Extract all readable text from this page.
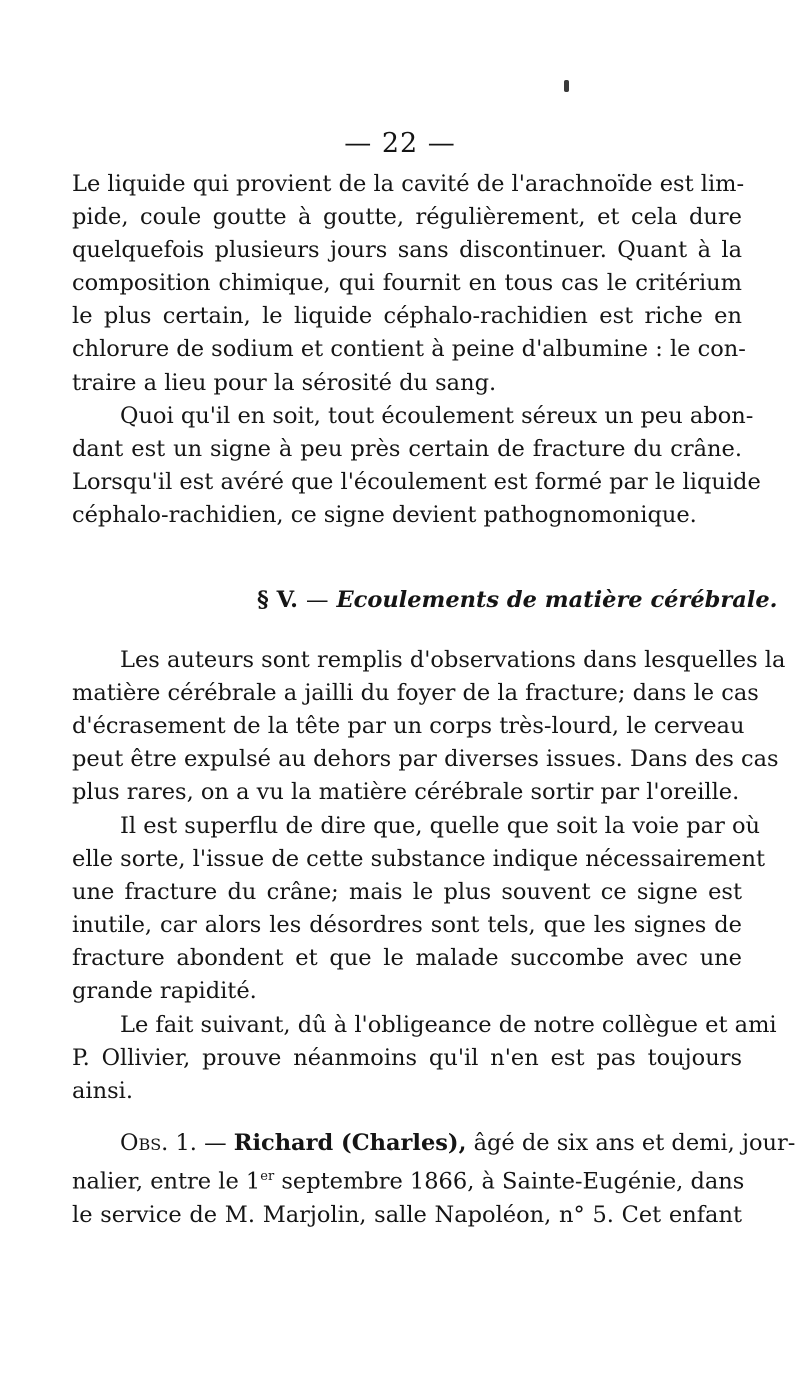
— 22 —
Le liquide qui provient de la cavité de l'arachnoïde est lim-
pide, coule goutte à goutte, régulièrement, et cela dure
quelquefois plusieurs jours sans discontinuer. Quant à la
composition chimique, qui fournit en tous cas le critérium
le plus certain, le liquide céphalo-rachidien est riche en
chlorure de sodium et contient à peine d'albumine : le con-
traire a lieu pour la sérosité du sang.
Quoi qu'il en soit, tout écoulement séreux un peu abon-
dant est un signe à peu près certain de fracture du crâne.
Lorsqu'il est avéré que l'écoulement est formé par le liquide
céphalo-rachidien, ce signe devient pathognomonique.
§ V. — Ecoulements de matière cérébrale.
Les auteurs sont remplis d'observations dans lesquelles la
matière cérébrale a jailli du foyer de la fracture; dans le cas
d'écrasement de la tête par un corps très-lourd, le cerveau
peut être expulsé au dehors par diverses issues. Dans des cas
plus rares, on a vu la matière cérébrale sortir par l'oreille.
Il est superflu de dire que, quelle que soit la voie par où
elle sorte, l'issue de cette substance indique nécessairement
une fracture du crâne; mais le plus souvent ce signe est
inutile, car alors les désordres sont tels, que les signes de
fracture abondent et que le malade succombe avec une
grande rapidité.
Le fait suivant, dû à l'obligeance de notre collègue et ami
P. Ollivier, prouve néanmoins qu'il n'en est pas toujours
ainsi.
Obs. 1. — Richard (Charles), âgé de six ans et demi, jour-
nalier, entre le 1er septembre 1866, à Sainte-Eugénie, dans
le service de M. Marjolin, salle Napoléon, n° 5. Cet enfant
